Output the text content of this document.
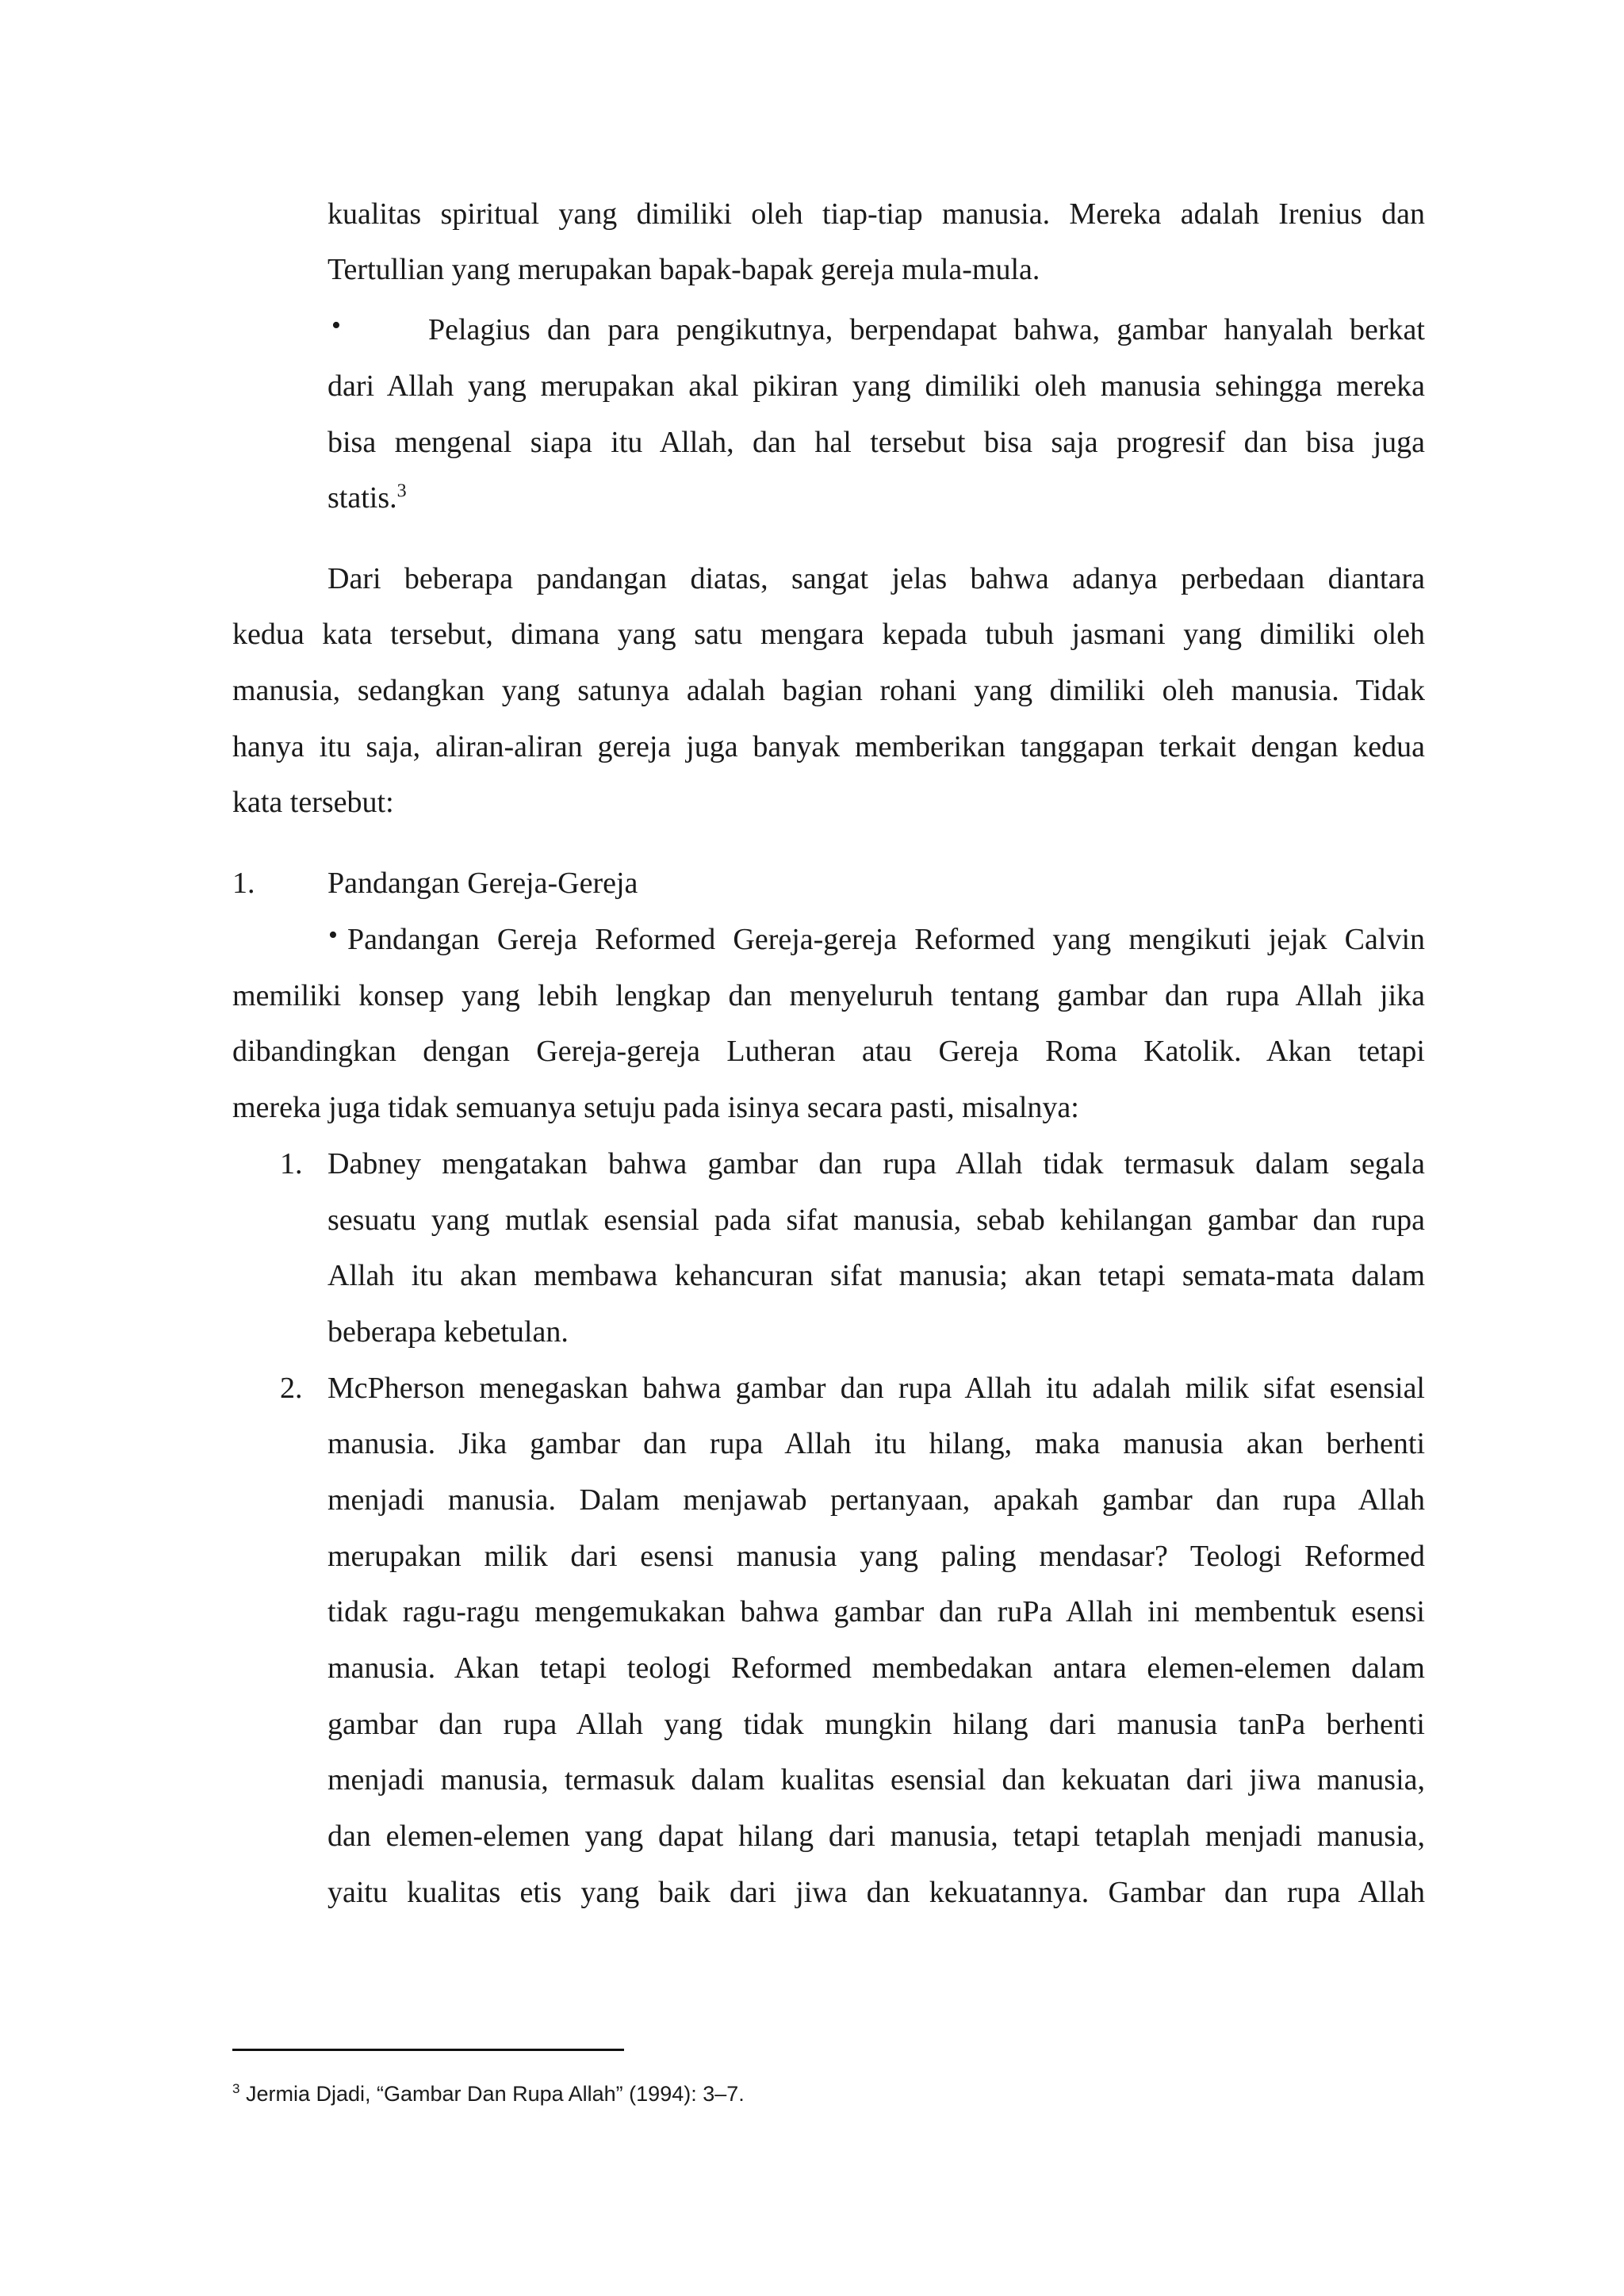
kualitas spiritual yang dimiliki oleh tiap-tiap manusia. Mereka adalah Irenius dan
Tertullian yang merupakan bapak-bapak gereja mula-mula.
•	Pelagius dan para pengikutnya, berpendapat bahwa, gambar hanyalah berkat
dari Allah yang merupakan akal pikiran yang dimiliki oleh manusia sehingga mereka
bisa mengenal siapa itu Allah, dan hal tersebut bisa saja progresif dan bisa juga
statis.$^3$
Dari beberapa pandangan diatas, sangat jelas bahwa adanya perbedaan diantara
kedua kata tersebut, dimana yang satu mengara kepada tubuh jasmani yang dimiliki oleh
manusia, sedangkan yang satunya adalah bagian rohani yang dimiliki oleh manusia. Tidak
hanya itu saja, aliran-aliran gereja juga banyak memberikan tanggapan terkait dengan kedua
kata tersebut:
1. Pandangan Gereja-Gereja
• Pandangan Gereja Reformed Gereja-gereja Reformed yang mengikuti jejak Calvin
memiliki konsep yang lebih lengkap dan menyeluruh tentang gambar dan rupa Allah jika
dibandingkan dengan Gereja-gereja Lutheran atau Gereja Roma Katolik. Akan tetapi
mereka juga tidak semuanya setuju pada isinya secara pasti, misalnya:
1. Dabney mengatakan bahwa gambar dan rupa Allah tidak termasuk dalam segala
sesuatu yang mutlak esensial pada sifat manusia, sebab kehilangan gambar dan rupa
Allah itu akan membawa kehancuran sifat manusia; akan tetapi semata-mata dalam
beberapa kebetulan.
2. McPherson menegaskan bahwa gambar dan rupa Allah itu adalah milik sifat esensial
manusia. Jika gambar dan rupa Allah itu hilang, maka manusia akan berhenti
menjadi manusia. Dalam menjawab pertanyaan, apakah gambar dan rupa Allah
merupakan milik dari esensi manusia yang paling mendasar? Teologi Reformed
tidak ragu-ragu mengemukakan bahwa gambar dan ruPa Allah ini membentuk esensi
manusia. Akan tetapi teologi Reformed membedakan antara elemen-elemen dalam
gambar dan rupa Allah yang tidak mungkin hilang dari manusia tanPa berhenti
menjadi manusia, termasuk dalam kualitas esensial dan kekuatan dari jiwa manusia,
dan elemen-elemen yang dapat hilang dari manusia, tetapi tetaplah menjadi manusia,
yaitu kualitas etis yang baik dari jiwa dan kekuatannya. Gambar dan rupa Allah
$^3$ Jermia Djadi, “Gambar Dan Rupa Allah” (1994): 3–7.
